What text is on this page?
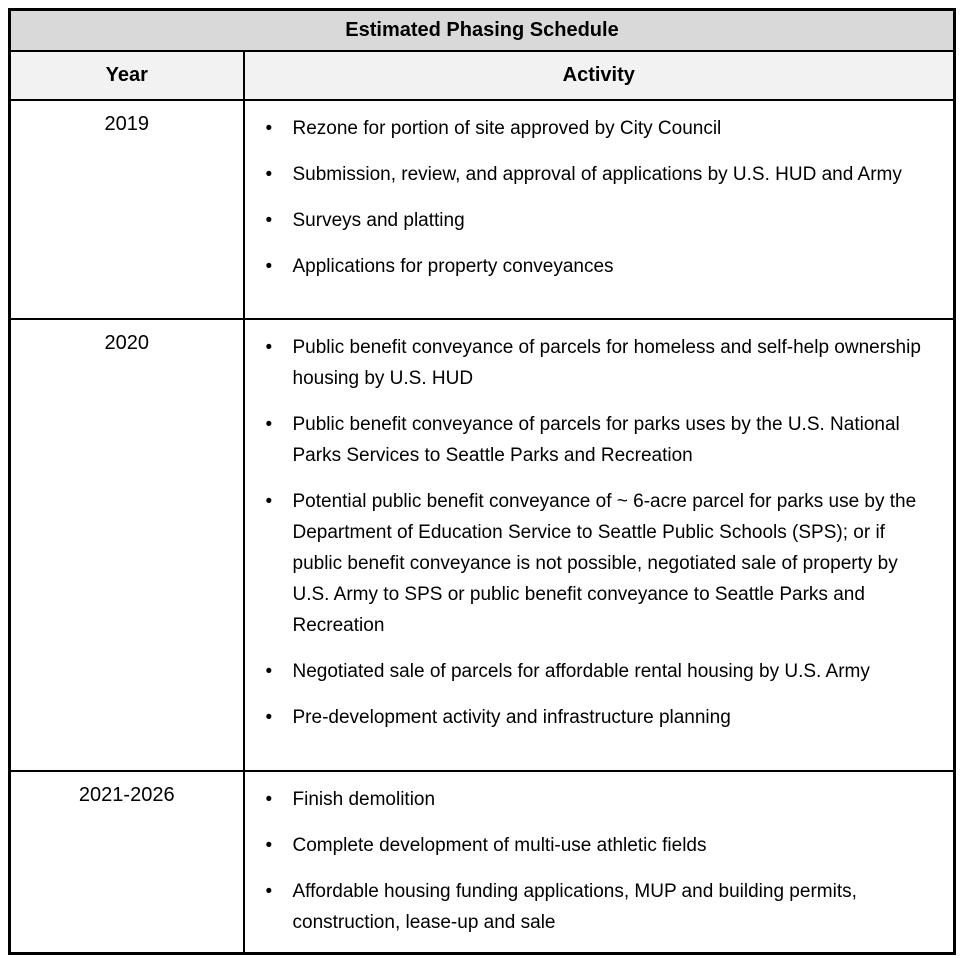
Estimated Phasing Schedule	
Year	Activity
2019	
•Rezone for portion of site approved by City Council
• Submission, review, and approval of applications by U.S. HUD and Army
• Surveys and platting
• Applications for property conveyances

2020	
•Public benefit conveyance of parcels for homeless and self-help ownership housing by U.S. HUD
• Public benefit conveyance of parcels for parks uses by the U.S. National Parks Services to Seattle Parks and Recreation
• Potential public benefit conveyance of ~ 6-acre parcel for parks use by the Department of Education Service to Seattle Public Schools (SPS); or if public benefit conveyance is not possible, negotiated sale of property by U.S. Army to SPS or public benefit conveyance to Seattle Parks and Recreation
• Negotiated sale of parcels for affordable rental housing by U.S. Army
• Pre-development activity and infrastructure planning

2021-2026	
•Finish demolition
• Complete development of multi-use athletic fields
• Affordable housing funding applications, MUP and building permits, construction, lease-up and sale
